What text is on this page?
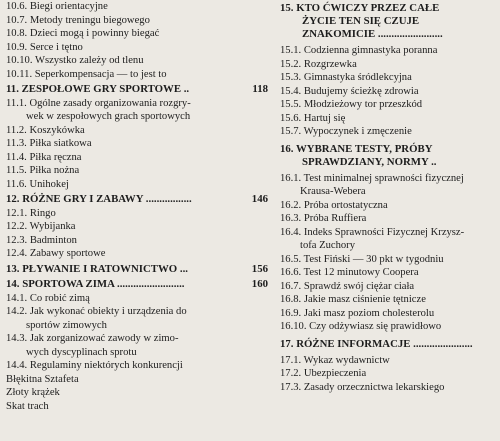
10.6. Biegi orientacyjne
10.7. Metody treningu biegowego
10.8. Dzieci mogą i powinny biegać
10.9. Serce i tętno
10.10. Wszystko zależy od tlenu
10.11. Seperkompensacja — to jest to
11. ZESPOŁOWE GRY SPORTOWE ..	118
11.1. Ogólne zasady organizowania rozgry-
wek w zespołowych grach sportowych
11.2. Koszykówka
11.3. Piłka siatkowa
11.4. Piłka ręczna
11.5. Piłka nożna
11.6. Unihokej
12. RÓŻNE GRY I ZABAWY .................	146
12.1. Ringo
12.2. Wybijanka
12.3. Badminton
12.4. Zabawy sportowe
13. PŁYWANIE I RATOWNICTWO ...	156
14. SPORTOWA ZIMA .........................	160
14.1. Co robić zimą
14.2. Jak wykonać obiekty i urządzenia do
sportów zimowych
14.3. Jak zorganizować zawody w zimo-
wych dyscyplinach sprotu
14.4. Regulaminy niektórych konkurencji
Błękitna Sztafeta
Złoty krążek
Skat trach
15. KTO ĆWICZY PRZEZ CAŁE
ŻYCIE TEN SIĘ CZUJE
ZNAKOMICIE ........................
15.1. Codzienna gimnastyka poranna
15.2. Rozgrzewka
15.3. Gimnastyka śródlekcyjna
15.4. Budujemy ścieżkę zdrowia
15.5. Młodzieżowy tor przeszkód
15.6. Hartuj się
15.7. Wypoczynek i zmęczenie
16. WYBRANE TESTY, PRÓBY
SPRAWDZIANY, NORMY ..
16.1. Test minimalnej sprawności fizycznej
Krausa-Webera
16.2. Próba ortostatyczna
16.3. Próba Ruffiera
16.4. Indeks Sprawności Fizycznej Krzysz-
tofa Zuchory
16.5. Test Fiński — 30 pkt w tygodniu
16.6. Test 12 minutowy Coopera
16.7. Sprawdź swój ciężar ciała
16.8. Jakie masz ciśnienie tętnicze
16.9. Jaki masz poziom cholesterolu
16.10. Czy odżywiasz się prawidłowo
17. RÓŻNE INFORMACJE ......................
17.1. Wykaz wydawnictw
17.2. Ubezpieczenia
17.3. Zasady orzecznictwa lekarskiego
